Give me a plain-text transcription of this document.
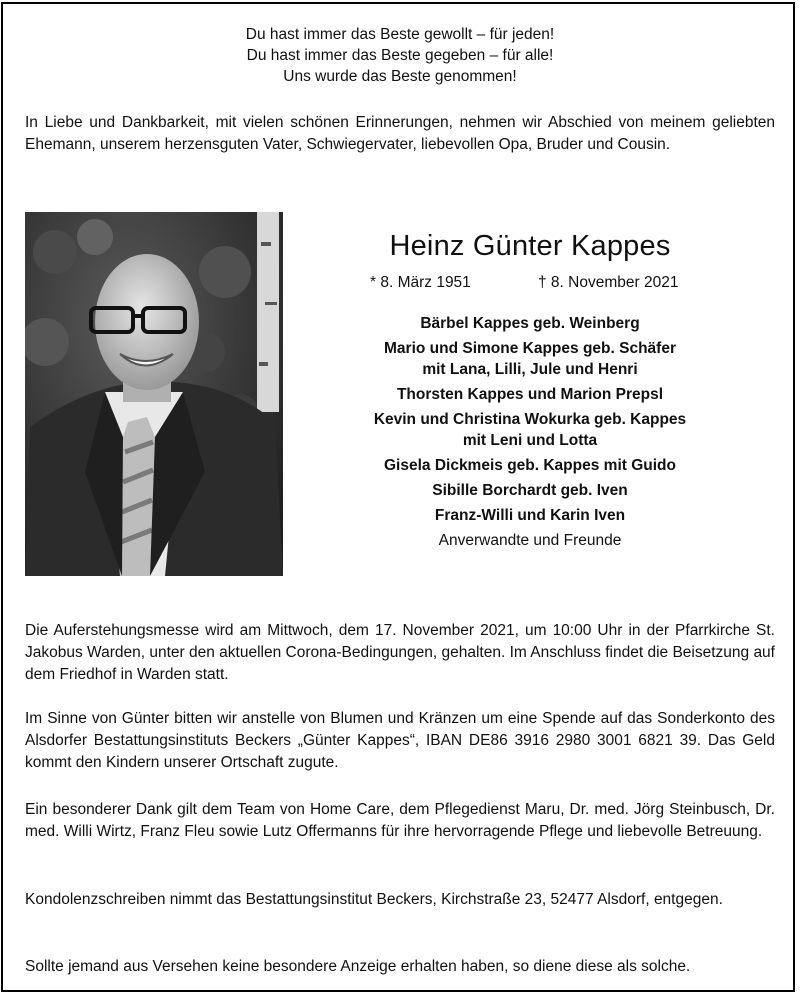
Du hast immer das Beste gewollt – für jeden!
Du hast immer das Beste gegeben – für alle!
Uns wurde das Beste genommen!
In Liebe und Dankbarkeit, mit vielen schönen Erinnerungen, nehmen wir Abschied von meinem geliebten Ehemann, unserem herzensguten Vater, Schwiegervater, liebevollen Opa, Bruder und Cousin.
Heinz Günter Kappes
* 8. März 1951	† 8. November 2021
Bärbel Kappes geb. Weinberg
Mario und Simone Kappes geb. Schäfer
mit Lana, Lilli, Jule und Henri
Thorsten Kappes und Marion Prepsl
Kevin und Christina Wokurka geb. Kappes
mit Leni und Lotta
Gisela Dickmeis geb. Kappes mit Guido
Sibille Borchardt geb. Iven
Franz-Willi und Karin Iven
Anverwandte und Freunde
Die Auferstehungsmesse wird am Mittwoch, dem 17. November 2021, um 10:00 Uhr in der Pfarrkirche St. Jakobus Warden, unter den aktuellen Corona-Bedingungen, gehalten. Im Anschluss findet die Beisetzung auf dem Friedhof in Warden statt.
Im Sinne von Günter bitten wir anstelle von Blumen und Kränzen um eine Spende auf das Sonderkonto des Alsdorfer Bestattungsinstituts Beckers „Günter Kappes“, IBAN DE86 3916 2980 3001 6821 39. Das Geld kommt den Kindern unserer Ortschaft zugute.
Ein besonderer Dank gilt dem Team von Home Care, dem Pflegedienst Maru, Dr. med. Jörg Steinbusch, Dr. med. Willi Wirtz, Franz Fleu sowie Lutz Offermanns für ihre hervorragende Pflege und liebevolle Betreuung.
Kondolenzschreiben nimmt das Bestattungsinstitut Beckers, Kirchstraße 23, 52477 Alsdorf, entgegen.
Sollte jemand aus Versehen keine besondere Anzeige erhalten haben, so diene diese als solche.
